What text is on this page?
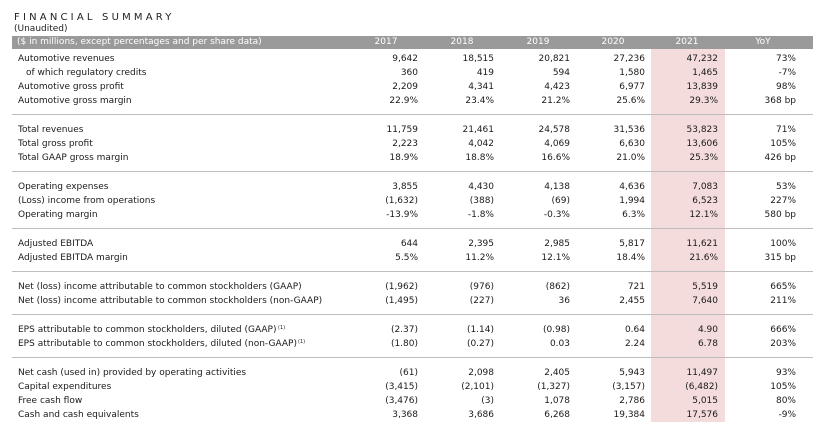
FINANCIAL SUMMARY
(Unaudited)
($ in millions, except percentages and per share data)	2017	2018	2019	2020	2021	YoY
Automotive revenues	9,642	18,515	20,821	27,236	47,232	73%
of which regulatory credits	360	419	594	1,580	1,465	-7%
Automotive gross profit	2,209	4,341	4,423	6,977	13,839	98%
Automotive gross margin	22.9%	23.4%	21.2%	25.6%	29.3%	368 bp
Total revenues	11,759	21,461	24,578	31,536	53,823	71%
Total gross profit	2,223	4,042	4,069	6,630	13,606	105%
Total GAAP gross margin	18.9%	18.8%	16.6%	21.0%	25.3%	426 bp
Operating expenses	3,855	4,430	4,138	4,636	7,083	53%
(Loss) income from operations	(1,632)	(388)	(69)	1,994	6,523	227%
Operating margin	-13.9%	-1.8%	-0.3%	6.3%	12.1%	580 bp
Adjusted EBITDA	644	2,395	2,985	5,817	11,621	100%
Adjusted EBITDA margin	5.5%	11.2%	12.1%	18.4%	21.6%	315 bp
Net (loss) income attributable to common stockholders (GAAP)	(1,962)	(976)	(862)	721	5,519	665%
Net (loss) income attributable to common stockholders (non-GAAP)	(1,495)	(227)	36	2,455	7,640	211%
EPS attributable to common stockholders, diluted (GAAP) (1)	(2.37)	(1.14)	(0.98)	0.64	4.90	666%
EPS attributable to common stockholders, diluted (non-GAAP) (1)	(1.80)	(0.27)	0.03	2.24	6.78	203%
Net cash (used in) provided by operating activities	(61)	2,098	2,405	5,943	11,497	93%
Capital expenditures	(3,415)	(2,101)	(1,327)	(3,157)	(6,482)	105%
Free cash flow	(3,476)	(3)	1,078	2,786	5,015	80%
Cash and cash equivalents	3,368	3,686	6,268	19,384	17,576	-9%
